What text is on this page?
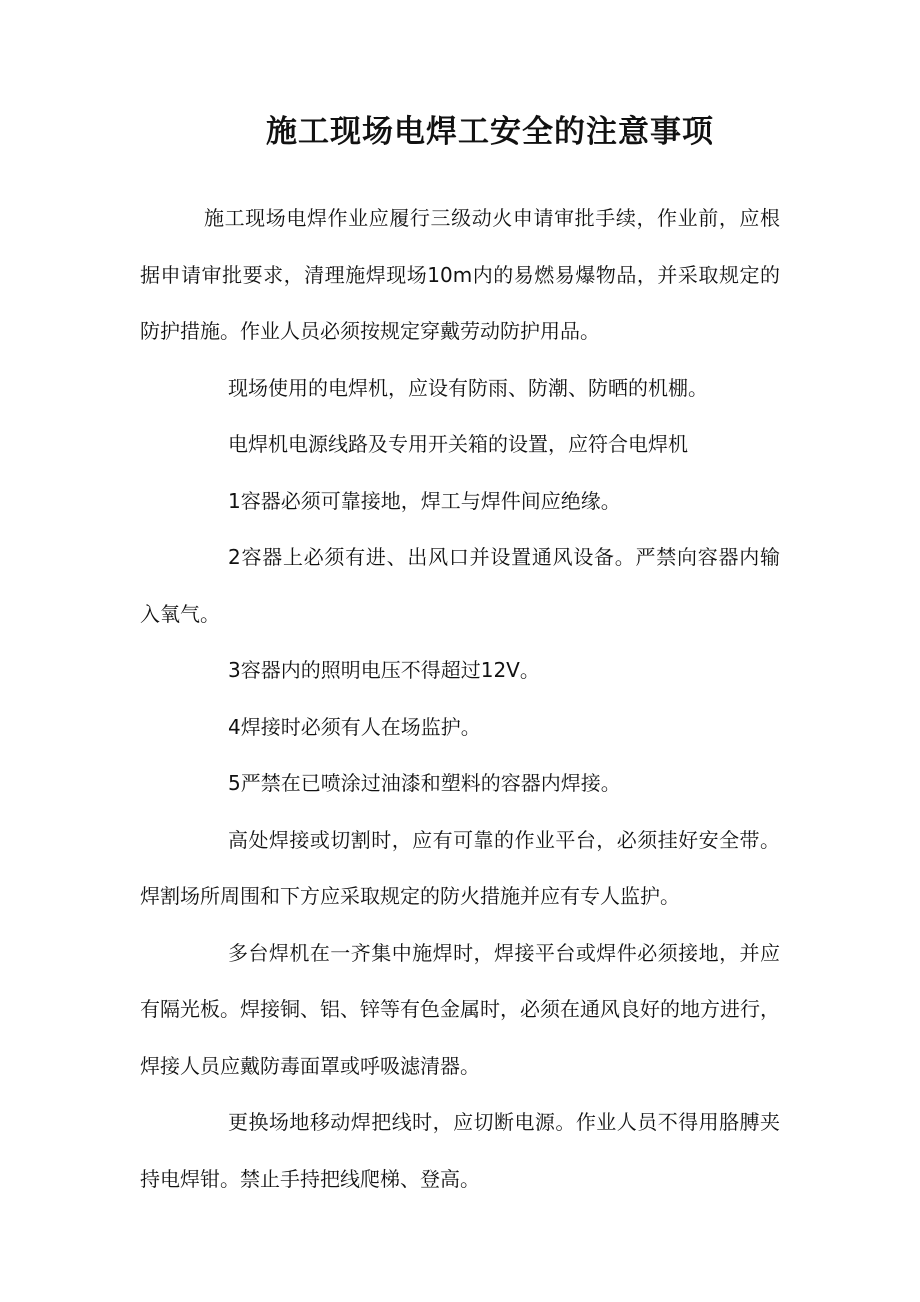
施工现场电焊工安全的注意事项

施工现场电焊作业应履行三级动火申请审批手续，作业前，应根据申请审批要求，清理施焊现场10m内的易燃易爆物品，并采取规定的防护措施。作业人员必须按规定穿戴劳动防护用品。

现场使用的电焊机，应设有防雨、防潮、防晒的机棚。

电焊机电源线路及专用开关箱的设置，应符合电焊机

1容器必须可靠接地，焊工与焊件间应绝缘。

2容器上必须有进、出风口并设置通风设备。严禁向容器内输入氧气。

3容器内的照明电压不得超过12V。

4焊接时必须有人在场监护。

5严禁在已喷涂过油漆和塑料的容器内焊接。

高处焊接或切割时，应有可靠的作业平台，必须挂好安全带。焊割场所周围和下方应采取规定的防火措施并应有专人监护。

多台焊机在一齐集中施焊时，焊接平台或焊件必须接地，并应有隔光板。焊接铜、铝、锌等有色金属时，必须在通风良好的地方进行，焊接人员应戴防毒面罩或呼吸滤清器。

更换场地移动焊把线时，应切断电源。作业人员不得用胳膊夹持电焊钳。禁止手持把线爬梯、登高。
